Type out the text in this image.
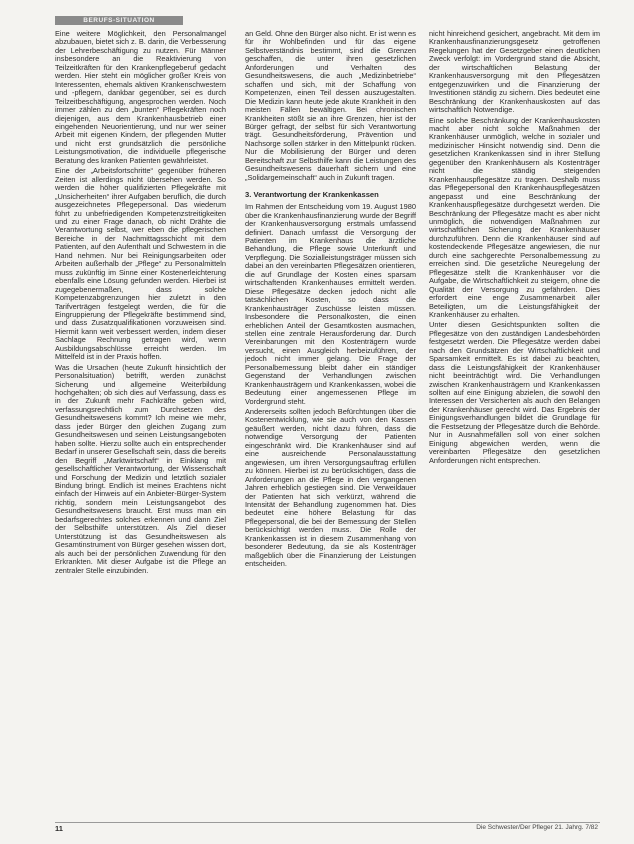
BERUFS-SITUATION

Eine weitere Möglichkeit, den Personalmangel abzubauen, bietet sich z. B. darin, die Verbesserung der Lehrerbeschäftigung zu nutzen. Für Männer insbesondere an die Reaktivierung von Teilzeitkräften für den Krankenpflegeberuf gedacht werden. Hier steht ein möglicher großer Kreis von Interessenten, ehemals aktiven Krankenschwestern und -pflegern, dankbar gegenüber, sei es durch Teilzeitbeschäftigung, angesprochen werden. Noch immer zählen zu den „bunten“ Pflegekräften noch diejenigen, aus dem Krankenhausbetrieb einer eingehenden Neuorientierung, und nur wer seiner Arbeit mit eigenen Kindern, der pflegenden Mutter und nicht erst grundsätzlich die persönliche Leistungsmotivation, die individuelle pflegerische Beratung des kranken Patienten gewährleistet.

Eine der „Arbeitsfortschritte“ gegenüber früheren Zeiten ist allerdings nicht übersehen werden. So werden die höher qualifizierten Pflegekräfte mit „Unsicherheiten“ ihrer Aufgaben beruflich, die durch ausgezeichnetes Pflegepersonal. Das wiederum führt zu unbefriedigenden Kompetenzstreitigkeiten und zu einer Frage danach, ob nicht Drähte die Verantwortung selbst, wer eben die pflegerischen Bereiche in der Nachmittagsschicht mit dem Patienten, auf den Aufenthalt und Schwestern in die Hand nehmen. Nur bei Reinigungsarbeiten oder Arbeiten außerhalb der „Pflege“ zu Personalmitteln muss zukünftig im Sinne einer Kostenerleichterung ebenfalls eine Lösung gefunden werden. Hierbei ist zugegebenermaßen, dass solche Kompetenzabgrenzungen hier zuletzt in den Tarifverträgen festgelegt werden, die für die Eingruppierung der Pflegekräfte bestimmend sind, und dass Zusatzqualifikationen vorzuweisen sind. Hiermit kann weit verbessert werden, indem dieser Sachlage Rechnung getragen wird, wenn Ausbildungsabschlüsse erreicht werden. Im Mittelfeld ist in der Praxis hoffen.

Was die Ursachen (heute Zukunft hinsichtlich der Personalsituation) betrifft, werden zunächst Sicherung und allgemeine Weiterbildung hochgehalten; ob sich dies auf Verfassung, dass es in der Zukunft mehr Fachkräfte geben wird, verfassungsrechtlich zum Durchsetzen des Gesundheitswesens kommt? Ich meine wie mehr, dass jeder Bürger den gleichen Zugang zum Gesundheitswesen und seinen Leistungsangeboten haben sollte. Hierzu sollte auch ein entsprechender Bedarf in unserer Gesellschaft sein, dass die bereits den Begriff „Marktwirtschaft“ in Einklang mit gesellschaftlicher Verantwortung, der Wissenschaft und Forschung der Medizin und letztlich sozialer Bindung bringt. Endlich ist meines Erachtens nicht einfach der Hinweis auf ein Anbieter-Bürger-System richtig, sondern mein Leistungsangebot des Gesundheitswesens braucht. Erst muss man ein bedarfsgerechtes solches erkennen und dann Ziel der Selbsthilfe unterstützen. Als Ziel dieser Unterstützung ist das Gesundheitswesen als Gesamtinstrument von Bürger gesehen wissen dort, als auch bei der persönlichen Zuwendung für den Erkrankten. Mit dieser Aufgabe ist die Pflege an zentraler Stelle einzubinden.

an Geld. Ohne den Bürger also nicht. Er ist wenn es für ihr Wohlbefinden und für das eigene Selbstverständnis bestimmt, sind die Grenzen geschaffen, die unter ihren gesetzlichen Anforderungen und Verhalten des Gesundheitswesens, die auch „Medizinbetriebe“ schaffen und sich, mit der Schaffung von Kompetenzen, einen Teil dessen auszugestalten. Die Medizin kann heute jede akute Krankheit in den meisten Fällen bewältigen. Bei chronischen Krankheiten stößt sie an ihre Grenzen, hier ist der Bürger gefragt, der selbst für sich Verantwortung trägt. Gesundheitsförderung, Prävention und Nachsorge sollen stärker in den Mittelpunkt rücken. Nur die Mobilisierung der Bürger und deren Bereitschaft zur Selbsthilfe kann die Leistungen des Gesundheitswesens dauerhaft sichern und eine „Solidargemeinschaft“ auch in Zukunft tragen.

3. Verantwortung der Krankenkassen

Im Rahmen der Entscheidung vom 19. August 1980 über die Krankenhausfinanzierung wurde der Begriff der Krankenhausversorgung erstmals umfassend definiert. Danach umfasst die Versorgung der Patienten im Krankenhaus die ärztliche Behandlung, die Pflege sowie Unterkunft und Verpflegung. Die Sozialleistungsträger müssen sich dabei an den vereinbarten Pflegesätzen orientieren, die auf Grundlage der Kosten eines sparsam wirtschaftenden Krankenhauses ermittelt werden. Diese Pflegesätze decken jedoch nicht alle tatsächlichen Kosten, so dass die Krankenhausträger Zuschüsse leisten müssen. Insbesondere die Personalkosten, die einen erheblichen Anteil der Gesamtkosten ausmachen, stellen eine zentrale Herausforderung dar. Durch Vereinbarungen mit den Kostenträgern wurde versucht, einen Ausgleich herbeizuführen, der jedoch nicht immer gelang. Die Frage der Personalbemessung bleibt daher ein ständiger Gegenstand der Verhandlungen zwischen Krankenhausträgern und Krankenkassen, wobei die Bedeutung einer angemessenen Pflege im Vordergrund steht.

Andererseits sollten jedoch Befürchtungen über die Kostenentwicklung, wie sie auch von den Kassen geäußert werden, nicht dazu führen, dass die notwendige Versorgung der Patienten eingeschränkt wird. Die Krankenhäuser sind auf eine ausreichende Personalausstattung angewiesen, um ihren Versorgungsauftrag erfüllen zu können. Hierbei ist zu berücksichtigen, dass die Anforderungen an die Pflege in den vergangenen Jahren erheblich gestiegen sind. Die Verweildauer der Patienten hat sich verkürzt, während die Intensität der Behandlung zugenommen hat. Dies bedeutet eine höhere Belastung für das Pflegepersonal, die bei der Bemessung der Stellen berücksichtigt werden muss. Die Rolle der Krankenkassen ist in diesem Zusammenhang von besonderer Bedeutung, da sie als Kostenträger maßgeblich über die Finanzierung der Leistungen entscheiden.

nicht hinreichend gesichert, angebracht. Mit dem im Krankenhausfinanzierungsgesetz getroffenen Regelungen hat der Gesetzgeber einen deutlichen Zweck verfolgt: im Vordergrund stand die Absicht, der wirtschaftlichen Belastung der Krankenhausversorgung mit den Pflegesätzen entgegenzuwirken und die Finanzierung der Investitionen ständig zu sichern. Dies bedeutet eine Beschränkung der Krankenhauskosten auf das wirtschaftlich Notwendige.

Eine solche Beschränkung der Krankenhauskosten macht aber nicht solche Maßnahmen der Krankenhäuser unmöglich, welche in sozialer und medizinischer Hinsicht notwendig sind. Denn die gesetzlichen Krankenkassen sind in ihrer Stellung gegenüber den Krankenhäusern als Kostenträger nicht die ständig steigenden Krankenhauspflegesätze zu tragen. Deshalb muss das Pflegepersonal den Krankenhauspflegesätzen angepasst und eine Beschränkung der Krankenhauspflegesätze durchgesetzt werden. Die Beschränkung der Pflegesätze macht es aber nicht unmöglich, die notwendigen Maßnahmen zur wirtschaftlichen Sicherung der Krankenhäuser durchzuführen. Denn die Krankenhäuser sind auf kostendeckende Pflegesätze angewiesen, die nur durch eine sachgerechte Personalbemessung zu erreichen sind. Die gesetzliche Neuregelung der Pflegesätze stellt die Krankenhäuser vor die Aufgabe, die Wirtschaftlichkeit zu steigern, ohne die Qualität der Versorgung zu gefährden. Dies erfordert eine enge Zusammenarbeit aller Beteiligten, um die Leistungsfähigkeit der Krankenhäuser zu erhalten.

Unter diesen Gesichtspunkten sollten die Pflegesätze von den zuständigen Landesbehörden festgesetzt werden. Die Pflegesätze werden dabei nach den Grundsätzen der Wirtschaftlichkeit und Sparsamkeit ermittelt. Es ist dabei zu beachten, dass die Leistungsfähigkeit der Krankenhäuser nicht beeinträchtigt wird. Die Verhandlungen zwischen Krankenhausträgern und Krankenkassen sollten auf eine Einigung abzielen, die sowohl den Interessen der Versicherten als auch den Belangen der Krankenhäuser gerecht wird. Das Ergebnis der Einigungsverhandlungen bildet die Grundlage für die Festsetzung der Pflegesätze durch die Behörde. Nur in Ausnahmefällen soll von einer solchen Einigung abgewichen werden, wenn die vereinbarten Pflegesätze den gesetzlichen Anforderungen nicht entsprechen.

11	Die Schwester/Der Pfleger 21. Jahrg. 7/82
